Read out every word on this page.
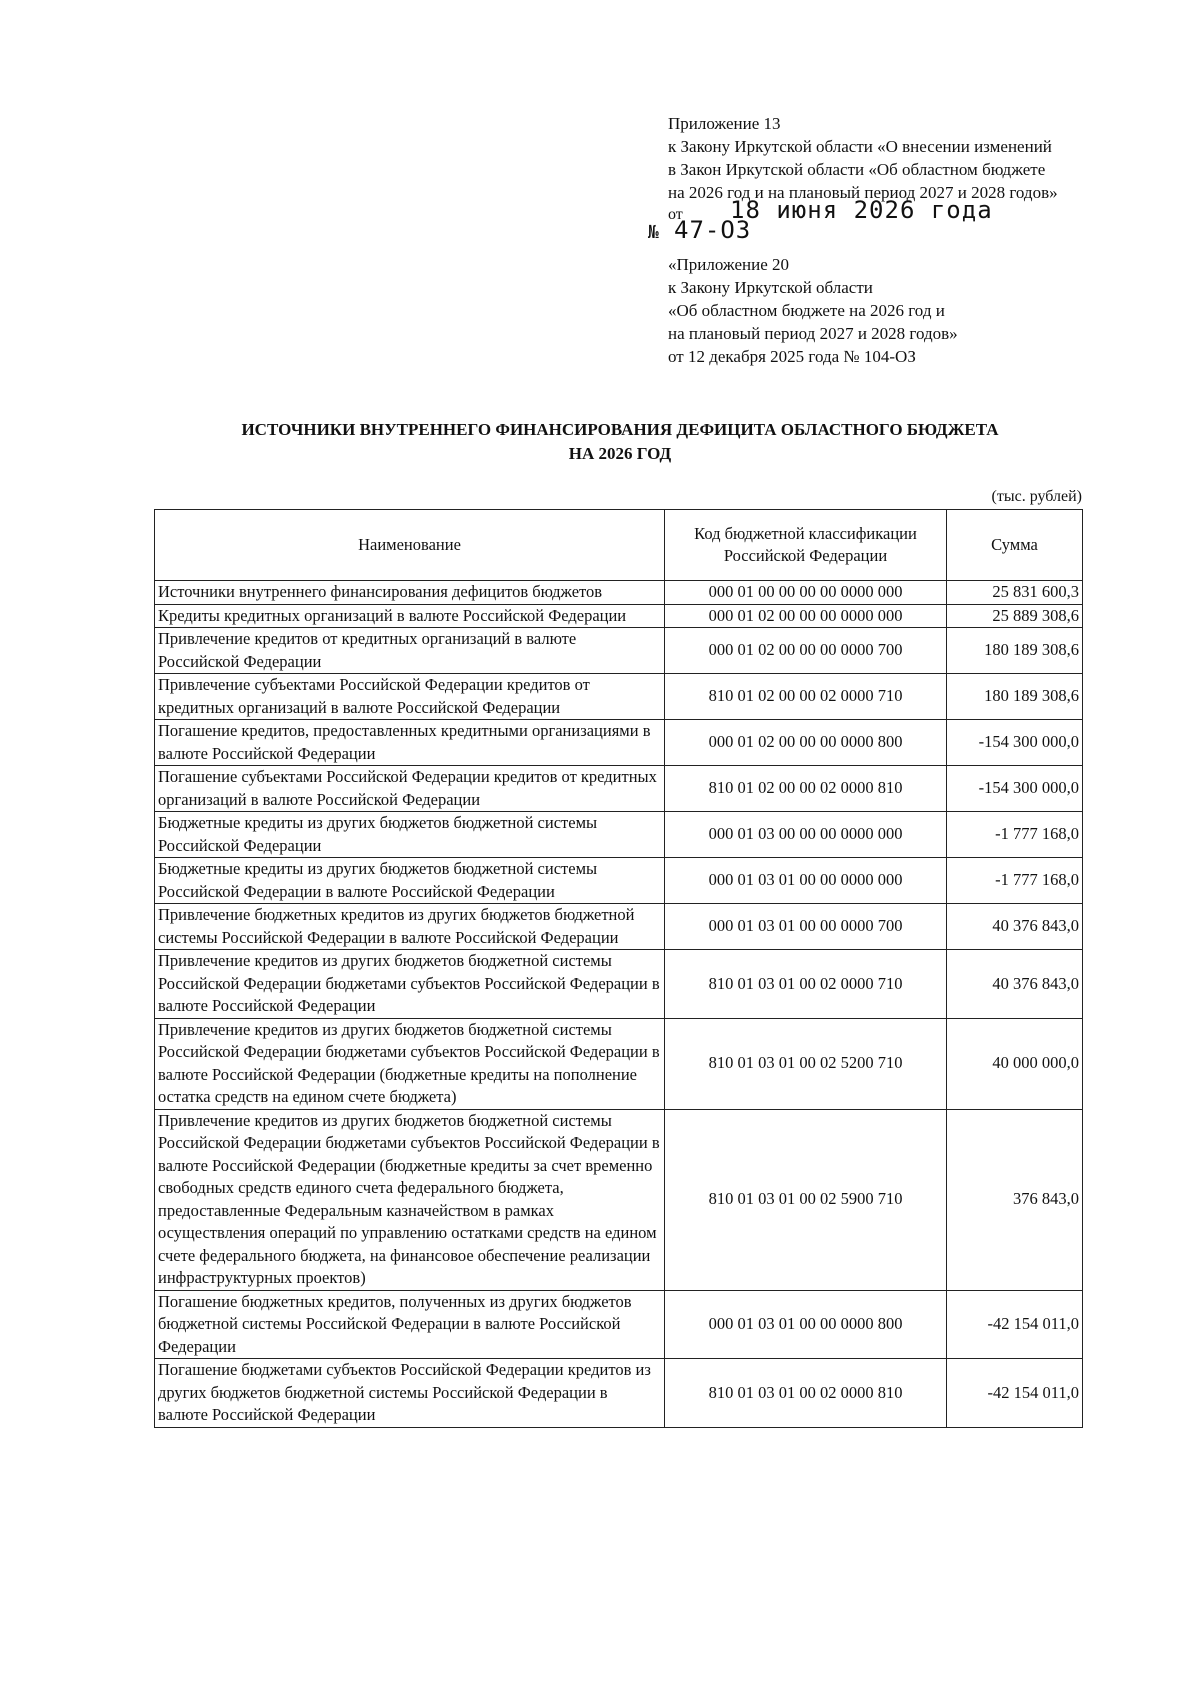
Приложение 13
к Закону Иркутской области «О внесении изменений
в Закон Иркутской области «Об областном бюджете
на 2026 год и на плановый период 2027 и 2028 годов»
от 18 июня 2026 года
№ 47-ОЗ
«Приложение 20
к Закону Иркутской области
«Об областном бюджете на 2026 год и
на плановый период 2027 и 2028 годов»
от 12 декабря 2025 года № 104-ОЗ
ИСТОЧНИКИ ВНУТРЕННЕГО ФИНАНСИРОВАНИЯ ДЕФИЦИТА ОБЛАСТНОГО БЮДЖЕТА
НА 2026 ГОД
(тыс. рублей)
Наименование	Код бюджетной классификации Российской Федерации	Сумма
Источники внутреннего финансирования дефицитов бюджетов	000 01 00 00 00 00 0000 000	25 831 600,3
Кредиты кредитных организаций в валюте Российской Федерации	000 01 02 00 00 00 0000 000	25 889 308,6
Привлечение кредитов от кредитных организаций в валюте Российской Федерации	000 01 02 00 00 00 0000 700	180 189 308,6
Привлечение субъектами Российской Федерации кредитов от кредитных организаций в валюте Российской Федерации	810 01 02 00 00 02 0000 710	180 189 308,6
Погашение кредитов, предоставленных кредитными организациями в валюте Российской Федерации	000 01 02 00 00 00 0000 800	-154 300 000,0
Погашение субъектами Российской Федерации кредитов от кредитных организаций в валюте Российской Федерации	810 01 02 00 00 02 0000 810	-154 300 000,0
Бюджетные кредиты из других бюджетов бюджетной системы Российской Федерации	000 01 03 00 00 00 0000 000	-1 777 168,0
Бюджетные кредиты из других бюджетов бюджетной системы Российской Федерации в валюте Российской Федерации	000 01 03 01 00 00 0000 000	-1 777 168,0
Привлечение бюджетных кредитов из других бюджетов бюджетной системы Российской Федерации в валюте Российской Федерации	000 01 03 01 00 00 0000 700	40 376 843,0
Привлечение кредитов из других бюджетов бюджетной системы Российской Федерации бюджетами субъектов Российской Федерации в валюте Российской Федерации	810 01 03 01 00 02 0000 710	40 376 843,0
Привлечение кредитов из других бюджетов бюджетной системы Российской Федерации бюджетами субъектов Российской Федерации в валюте Российской Федерации (бюджетные кредиты на пополнение остатка средств на едином счете бюджета)	810 01 03 01 00 02 5200 710	40 000 000,0
Привлечение кредитов из других бюджетов бюджетной системы Российской Федерации бюджетами субъектов Российской Федерации в валюте Российской Федерации (бюджетные кредиты за счет временно свободных средств единого счета федерального бюджета, предоставленные Федеральным казначейством в рамках осуществления операций по управлению остатками средств на едином счете федерального бюджета, на финансовое обеспечение реализации инфраструктурных проектов)	810 01 03 01 00 02 5900 710	376 843,0
Погашение бюджетных кредитов, полученных из других бюджетов бюджетной системы Российской Федерации в валюте Российской Федерации	000 01 03 01 00 00 0000 800	-42 154 011,0
Погашение бюджетами субъектов Российской Федерации кредитов из других бюджетов бюджетной системы Российской Федерации в валюте Российской Федерации	810 01 03 01 00 02 0000 810	-42 154 011,0
